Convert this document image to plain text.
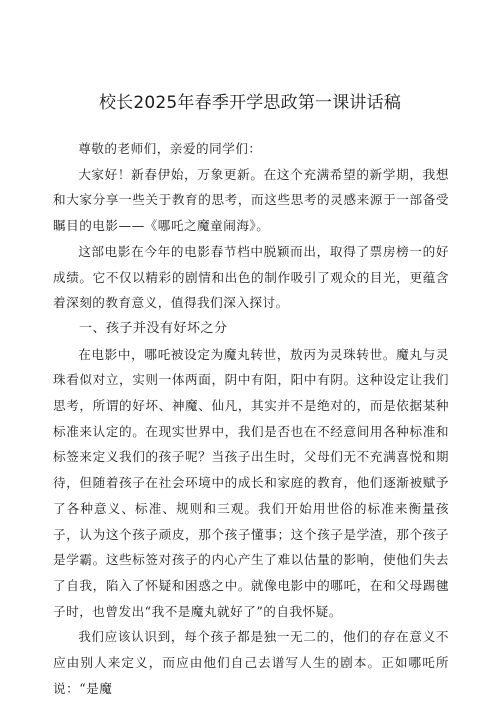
校长2025年春季开学思政第一课讲话稿

尊敬的老师们，亲爱的同学们：

大家好！新春伊始，万象更新。在这个充满希望的新学期，我想和大家分享一些关于教育的思考，而这些思考的灵感来源于一部备受瞩目的电影——《哪吒之魔童闹海》。

这部电影在今年的电影春节档中脱颖而出，取得了票房榜一的好成绩。它不仅以精彩的剧情和出色的制作吸引了观众的目光，更蕴含着深刻的教育意义，值得我们深入探讨。

一、孩子并没有好坏之分

在电影中，哪吒被设定为魔丸转世，敖丙为灵珠转世。魔丸与灵珠看似对立，实则一体两面，阴中有阳，阳中有阴。这种设定让我们思考，所谓的好坏、神魔、仙凡，其实并不是绝对的，而是依据某种标准来认定的。在现实世界中，我们是否也在不经意间用各种标准和标签来定义我们的孩子呢？当孩子出生时，父母们无不充满喜悦和期待，但随着孩子在社会环境中的成长和家庭的教育，他们逐渐被赋予了各种意义、标准、规则和三观。我们开始用世俗的标准来衡量孩子，认为这个孩子顽皮，那个孩子懂事；这个孩子是学渣，那个孩子是学霸。这些标签对孩子的内心产生了难以估量的影响，使他们失去了自我，陷入了怀疑和困惑之中。就像电影中的哪吒，在和父母踢毽子时，也曾发出“我不是魔丸就好了”的自我怀疑。

我们应该认识到，每个孩子都是独一无二的，他们的存在意义不应由别人来定义，而应由他们自己去谱写人生的剧本。正如哪吒所说：“是魔
